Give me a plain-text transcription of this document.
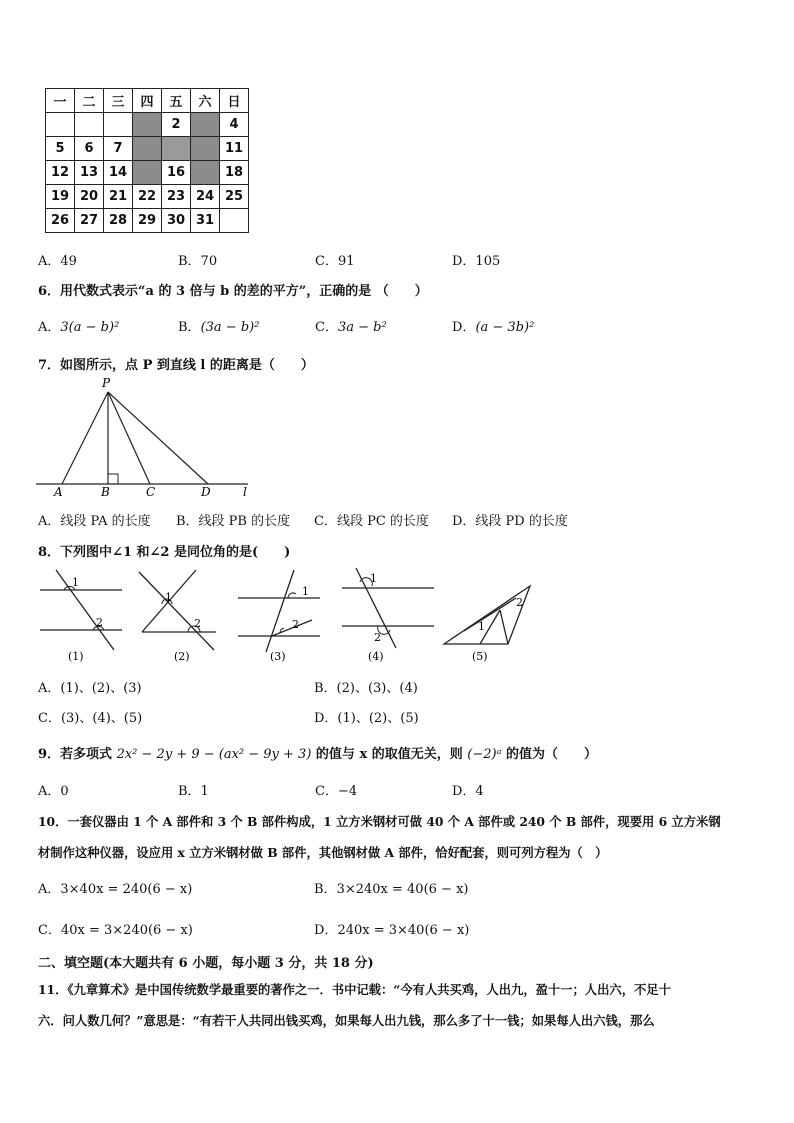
一	二	三	四	五	六	日
				2		4
5	6	7				11
12	13	14		16		18
19	20	21	22	23	24	25
26	27	28	29	30	31	
A．49	B．70	C．91	D．105
6．用代数式表示“a 的 3 倍与 b 的差的平方”，正确的是 （　　）
A．3(a − b)²	B．(3a − b)²	C．3a − b²	D．(a − 3b)²
7．如图所示，点 P 到直线 l 的距离是（　　）
P
A	B	C	D	l
A．线段 PA 的长度 B．线段 PB 的长度 C．线段 PC 的长度 D．线段 PD 的长度
8．下列图中∠1 和∠2 是同位角的是(　　)
1
2
(1)
1
2
(2)
1
2
(3)
1
2
(4)
1
2
(5)
A．(1)、(2)、(3)	B．(2)、(3)、(4)
C．(3)、(4)、(5)	D．(1)、(2)、(5)
9．若多项式 2x² − 2y + 9 − (ax² − 9y + 3) 的值与 x 的取值无关，则 (−2)ᵃ 的值为（　　）
A．0	B．1	C．−4	D．4
10．一套仪器由 1 个 A 部件和 3 个 B 部件构成，1 立方米钢材可做 40 个 A 部件或 240 个 B 部件，现要用 6 立方米钢
材制作这种仪器，设应用 x 立方米钢材做 B 部件，其他钢材做 A 部件，恰好配套，则可列方程为（　）
A．3×40x = 240(6 − x)	B．3×240x = 40(6 − x)
C．40x = 3×240(6 − x)	D．240x = 3×40(6 − x)
二、填空题(本大题共有 6 小题，每小题 3 分，共 18 分)
11．《九章算术》是中国传统数学最重要的著作之一．书中记载：“今有人共买鸡，人出九，盈十一；人出六，不足十
六．问人数几何？”意思是：“有若干人共同出钱买鸡，如果每人出九钱，那么多了十一钱；如果每人出六钱，那么
